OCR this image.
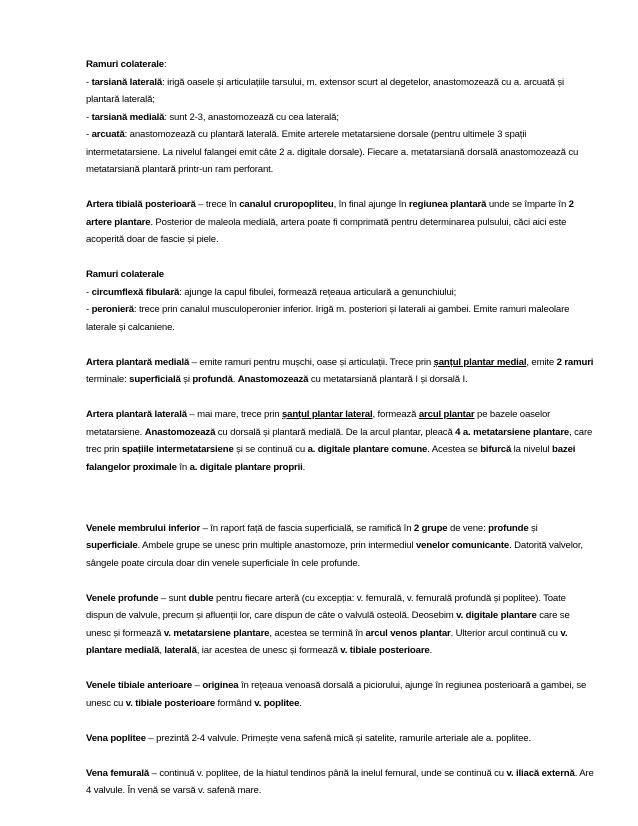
Ramuri colaterale:
- tarsiană laterală: irigă oasele și articulațiile tarsului, m. extensor scurt al degetelor, anastomozează cu a. arcuată și plantară laterală;
- tarsiană medială: sunt 2-3, anastomozează cu cea laterală;
- arcuată: anastomozează cu plantară laterală. Emite arterele metatarsiene dorsale (pentru ultimele 3 spații intermetatarsiene. La nivelul falangei emit câte 2 a. digitale dorsale). Fiecare a. metatarsiană dorsală anastomozează cu metatarsiană plantară printr-un ram perforant.

Artera tibială posterioară – trece în canalul cruropopliteu, în final ajunge în regiunea plantară unde se împarte în 2 artere plantare. Posterior de maleola medială, artera poate fi comprimată pentru determinarea pulsului, căci aici este acoperită doar de fascie și piele.

Ramuri colaterale
- circumflexă fibulară: ajunge la capul fibulei, formează rețeaua articulară a genunchiului;
- peronieră: trece prin canalul musculoperonier inferior. Irigă m. posteriori și laterali ai gambei. Emite ramuri maleolare laterale și calcaniene.

Artera plantară medială – emite ramuri pentru mușchi, oase și articulații. Trece prin șanțul plantar medial, emite 2 ramuri terminale: superficială și profundă. Anastomozează cu metatarsiană plantară I și dorsală I.

Artera plantară laterală – mai mare, trece prin șanțul plantar lateral, formează arcul plantar pe bazele oaselor metatarsiene. Anastomozează cu dorsală și plantară medială. De la arcul plantar, pleacă 4 a. metatarsiene plantare, care trec prin spațiile intermetatarsiene și se continuă cu a. digitale plantare comune. Acestea se bifurcă la nivelul bazei falangelor proximale în a. digitale plantare proprii.

Venele membrului inferior – în raport față de fascia superficială, se ramifică în 2 grupe de vene: profunde și superficiale. Ambele grupe se unesc prin multiple anastomoze, prin intermediul venelor comunicante. Datorită valvelor, sângele poate circula doar din venele superficiale în cele profunde.

Venele profunde – sunt duble pentru fiecare arteră (cu excepția: v. femurală, v. femurală profundă și poplitee). Toate dispun de valvule, precum și afluenții lor, care dispun de câte o valvulă osteolă. Deosebim v. digitale plantare care se unesc și formează v. metatarsiene plantare, acestea se termină în arcul venos plantar. Ulterior arcul continuă cu v. plantare medială, laterală, iar acestea de unesc și formează v. tibiale posterioare.

Venele tibiale anterioare – originea în rețeaua venoasă dorsală a piciorului, ajunge în regiunea posterioară a gambei, se unesc cu v. tibiale posterioare formând v. poplitee.

Vena poplitee – prezintă 2-4 valvule. Primește vena safenă mică și satelite, ramurile arteriale ale a. poplitee.

Vena femurală – continuă v. poplitee, de la hiatul tendinos până la inelul femural, unde se continuă cu v. iliacă externă. Are 4 valvule. În venă se varsă v. safenă mare.
